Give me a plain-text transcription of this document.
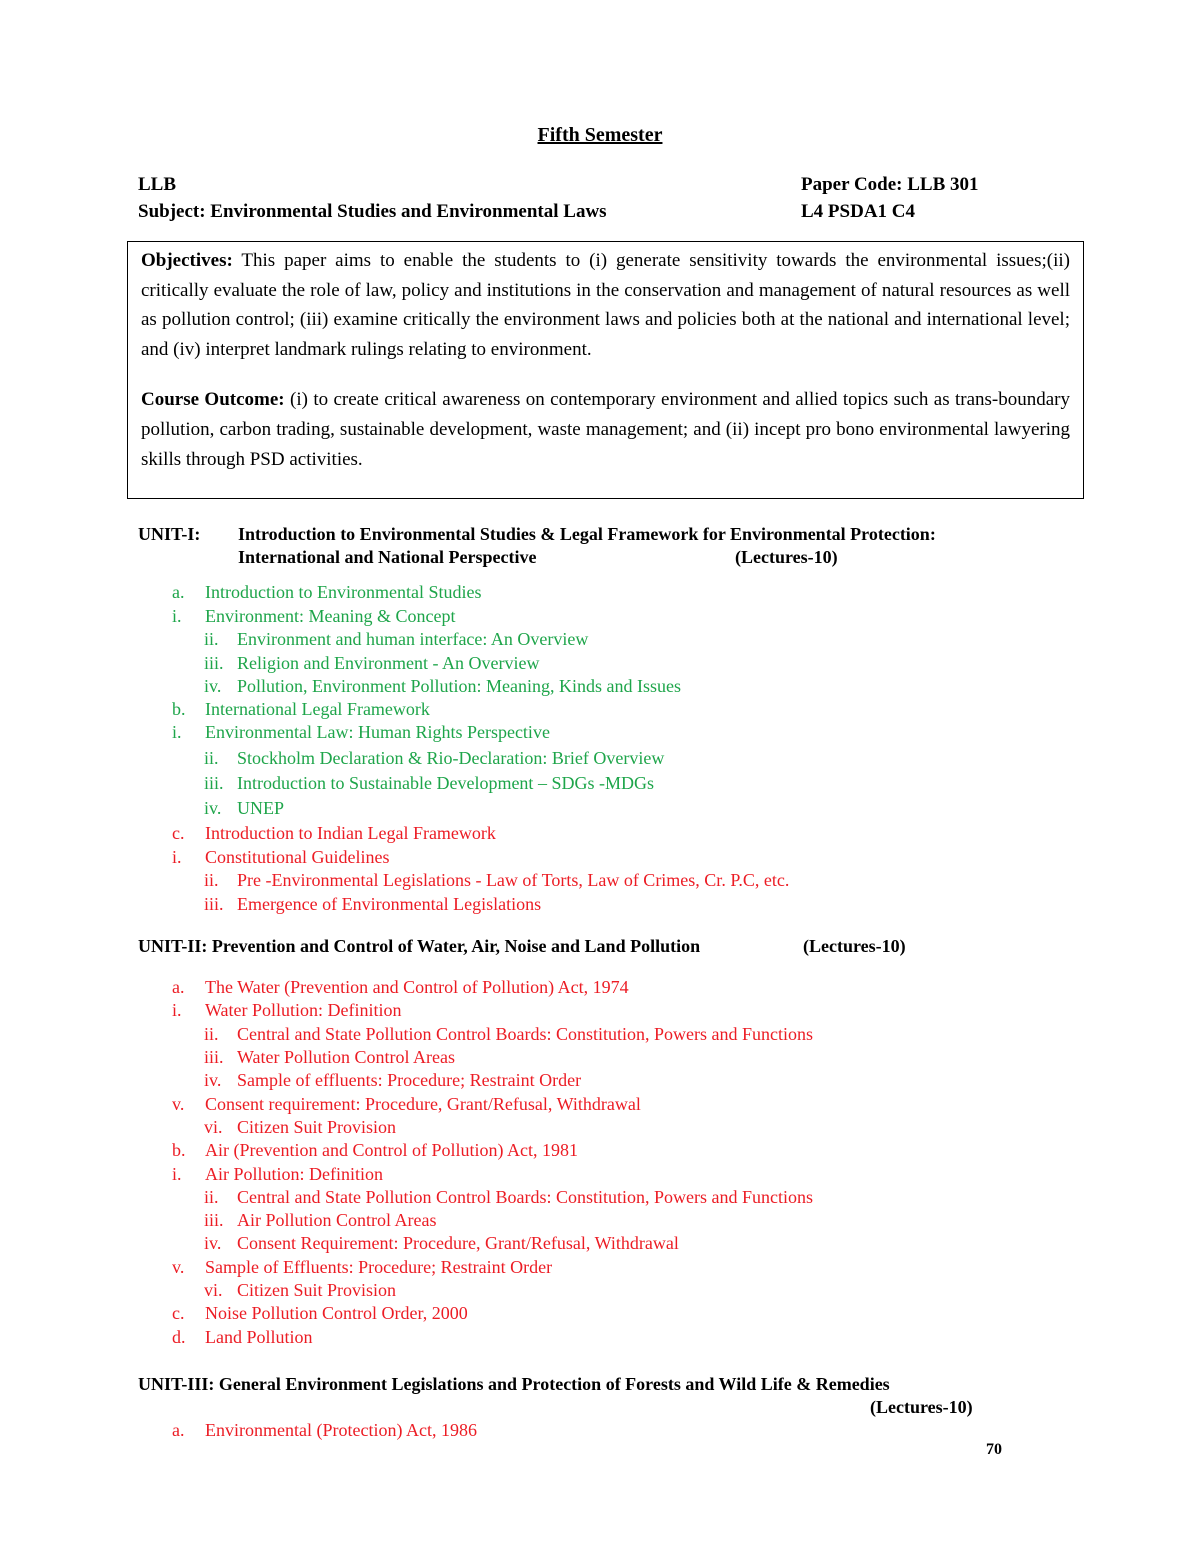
Fifth Semester
LLB	Paper Code: LLB 301
Subject: Environmental Studies and Environmental Laws	L4 PSDA1 C4

Objectives: This paper aims to enable the students to (i) generate sensitivity towards the environmental issues;(ii) critically evaluate the role of law, policy and institutions in the conservation and management of natural resources as well as pollution control; (iii) examine critically the environment laws and policies both at the national and international level; and (iv) interpret landmark rulings relating to environment.

Course Outcome: (i) to create critical awareness on contemporary environment and allied topics such as trans-boundary pollution, carbon trading, sustainable development, waste management; and (ii) incept pro bono environmental lawyering skills through PSD activities.

UNIT-I: Introduction to Environmental Studies & Legal Framework for Environmental Protection:
International and National Perspective	(Lectures-10)
a. Introduction to Environmental Studies
i. Environment: Meaning & Concept
ii. Environment and human interface: An Overview
iii. Religion and Environment - An Overview
iv. Pollution, Environment Pollution: Meaning, Kinds and Issues
b. International Legal Framework
i. Environmental Law: Human Rights Perspective
ii. Stockholm Declaration & Rio-Declaration: Brief Overview
iii. Introduction to Sustainable Development – SDGs -MDGs
iv. UNEP
c. Introduction to Indian Legal Framework
i. Constitutional Guidelines
ii. Pre -Environmental Legislations - Law of Torts, Law of Crimes, Cr. P.C, etc.
iii. Emergence of Environmental Legislations
UNIT-II: Prevention and Control of Water, Air, Noise and Land Pollution	(Lectures-10)
a. The Water (Prevention and Control of Pollution) Act, 1974
i. Water Pollution: Definition
ii. Central and State Pollution Control Boards: Constitution, Powers and Functions
iii. Water Pollution Control Areas
iv. Sample of effluents: Procedure; Restraint Order
v. Consent requirement: Procedure, Grant/Refusal, Withdrawal
vi. Citizen Suit Provision
b. Air (Prevention and Control of Pollution) Act, 1981
i. Air Pollution: Definition
ii. Central and State Pollution Control Boards: Constitution, Powers and Functions
iii. Air Pollution Control Areas
iv. Consent Requirement: Procedure, Grant/Refusal, Withdrawal
v. Sample of Effluents: Procedure; Restraint Order
vi. Citizen Suit Provision
c. Noise Pollution Control Order, 2000
d. Land Pollution
UNIT-III: General Environment Legislations and Protection of Forests and Wild Life & Remedies
(Lectures-10)
a. Environmental (Protection) Act, 1986
70
